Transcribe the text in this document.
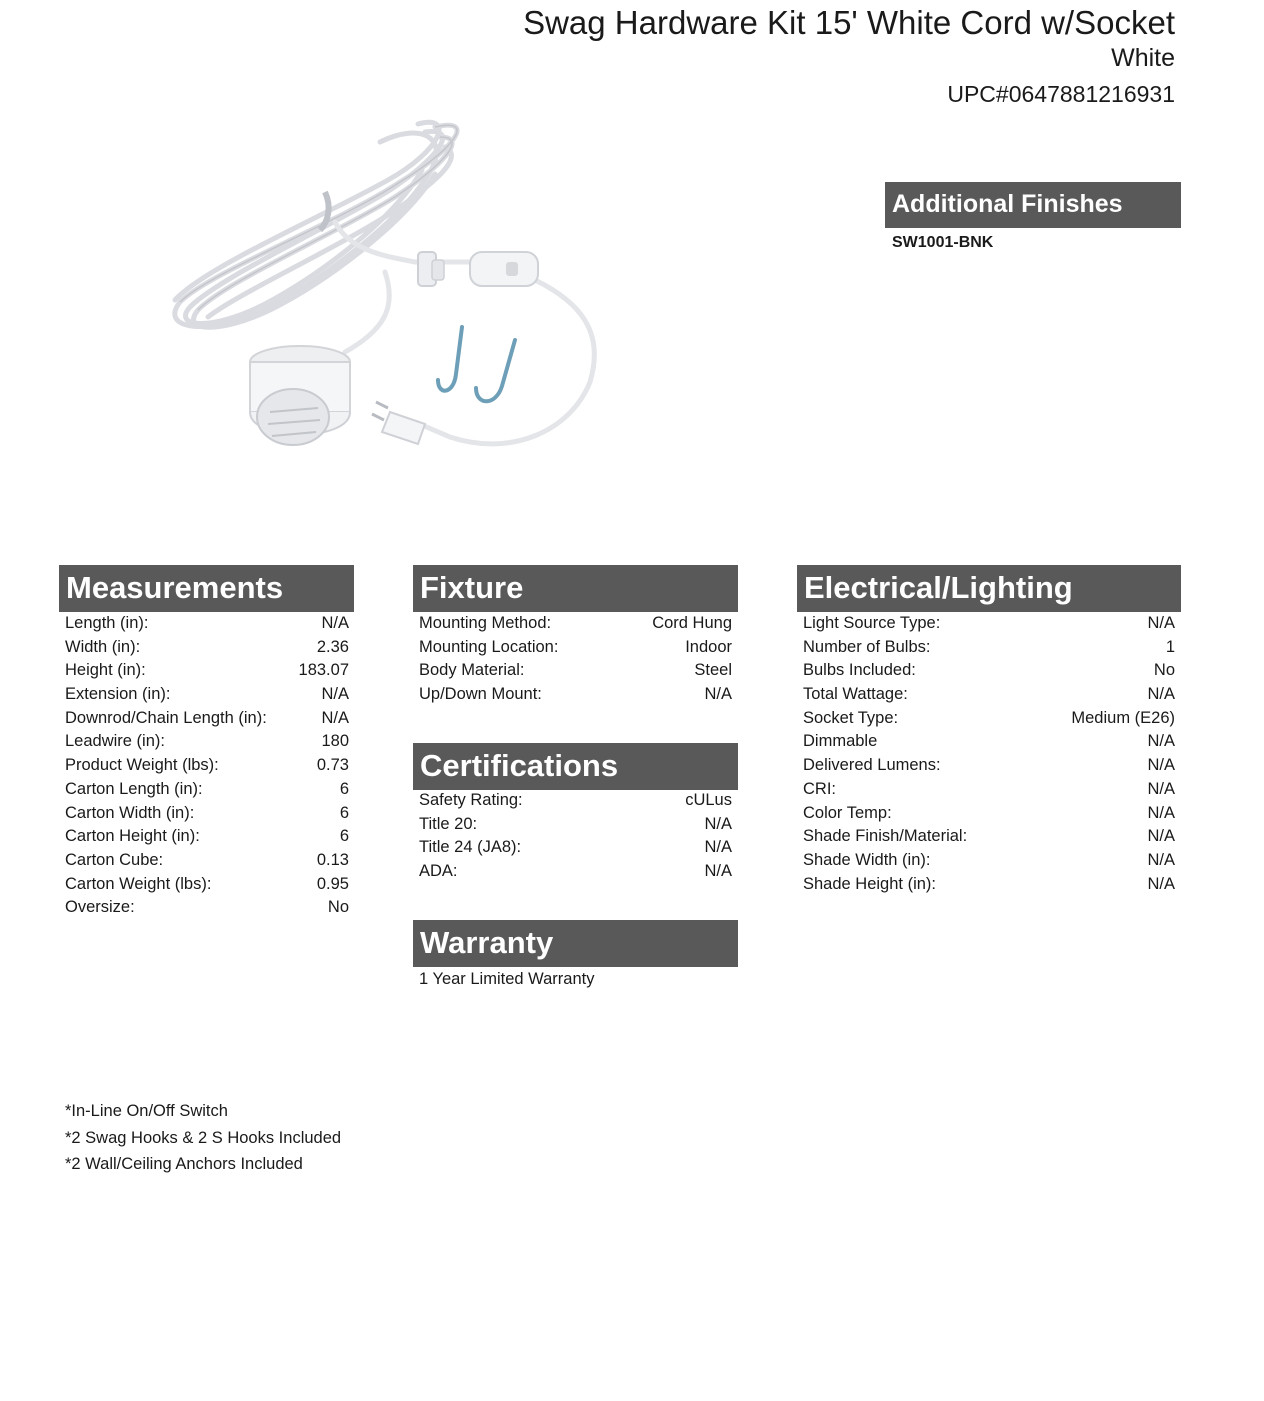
Swag Hardware Kit 15' White Cord w/Socket
White
UPC#0647881216931
Additional Finishes
SW1001-BNK
Measurements
Length (in):	N/A
Width (in):	2.36
Height (in):	183.07
Extension (in):	N/A
Downrod/Chain Length (in):	N/A
Leadwire (in):	180
Product Weight (lbs):	0.73
Carton Length (in):	6
Carton Width (in):	6
Carton Height (in):	6
Carton Cube:	0.13
Carton Weight (lbs):	0.95
Oversize:	No
Fixture
Mounting Method:	Cord Hung
Mounting Location:	Indoor
Body Material:	Steel
Up/Down Mount:	N/A
Certifications
Safety Rating:	cULus
Title 20:	N/A
Title 24 (JA8):	N/A
ADA:	N/A
Warranty
1 Year Limited Warranty
Electrical/Lighting
Light Source Type:	N/A
Number of Bulbs:	1
Bulbs Included:	No
Total Wattage:	N/A
Socket Type:	Medium (E26)
Dimmable	N/A
Delivered Lumens:	N/A
CRI:	N/A
Color Temp:	N/A
Shade Finish/Material:	N/A
Shade Width (in):	N/A
Shade Height (in):	N/A
*In-Line On/Off Switch
*2 Swag Hooks & 2 S Hooks Included
*2 Wall/Ceiling Anchors Included
